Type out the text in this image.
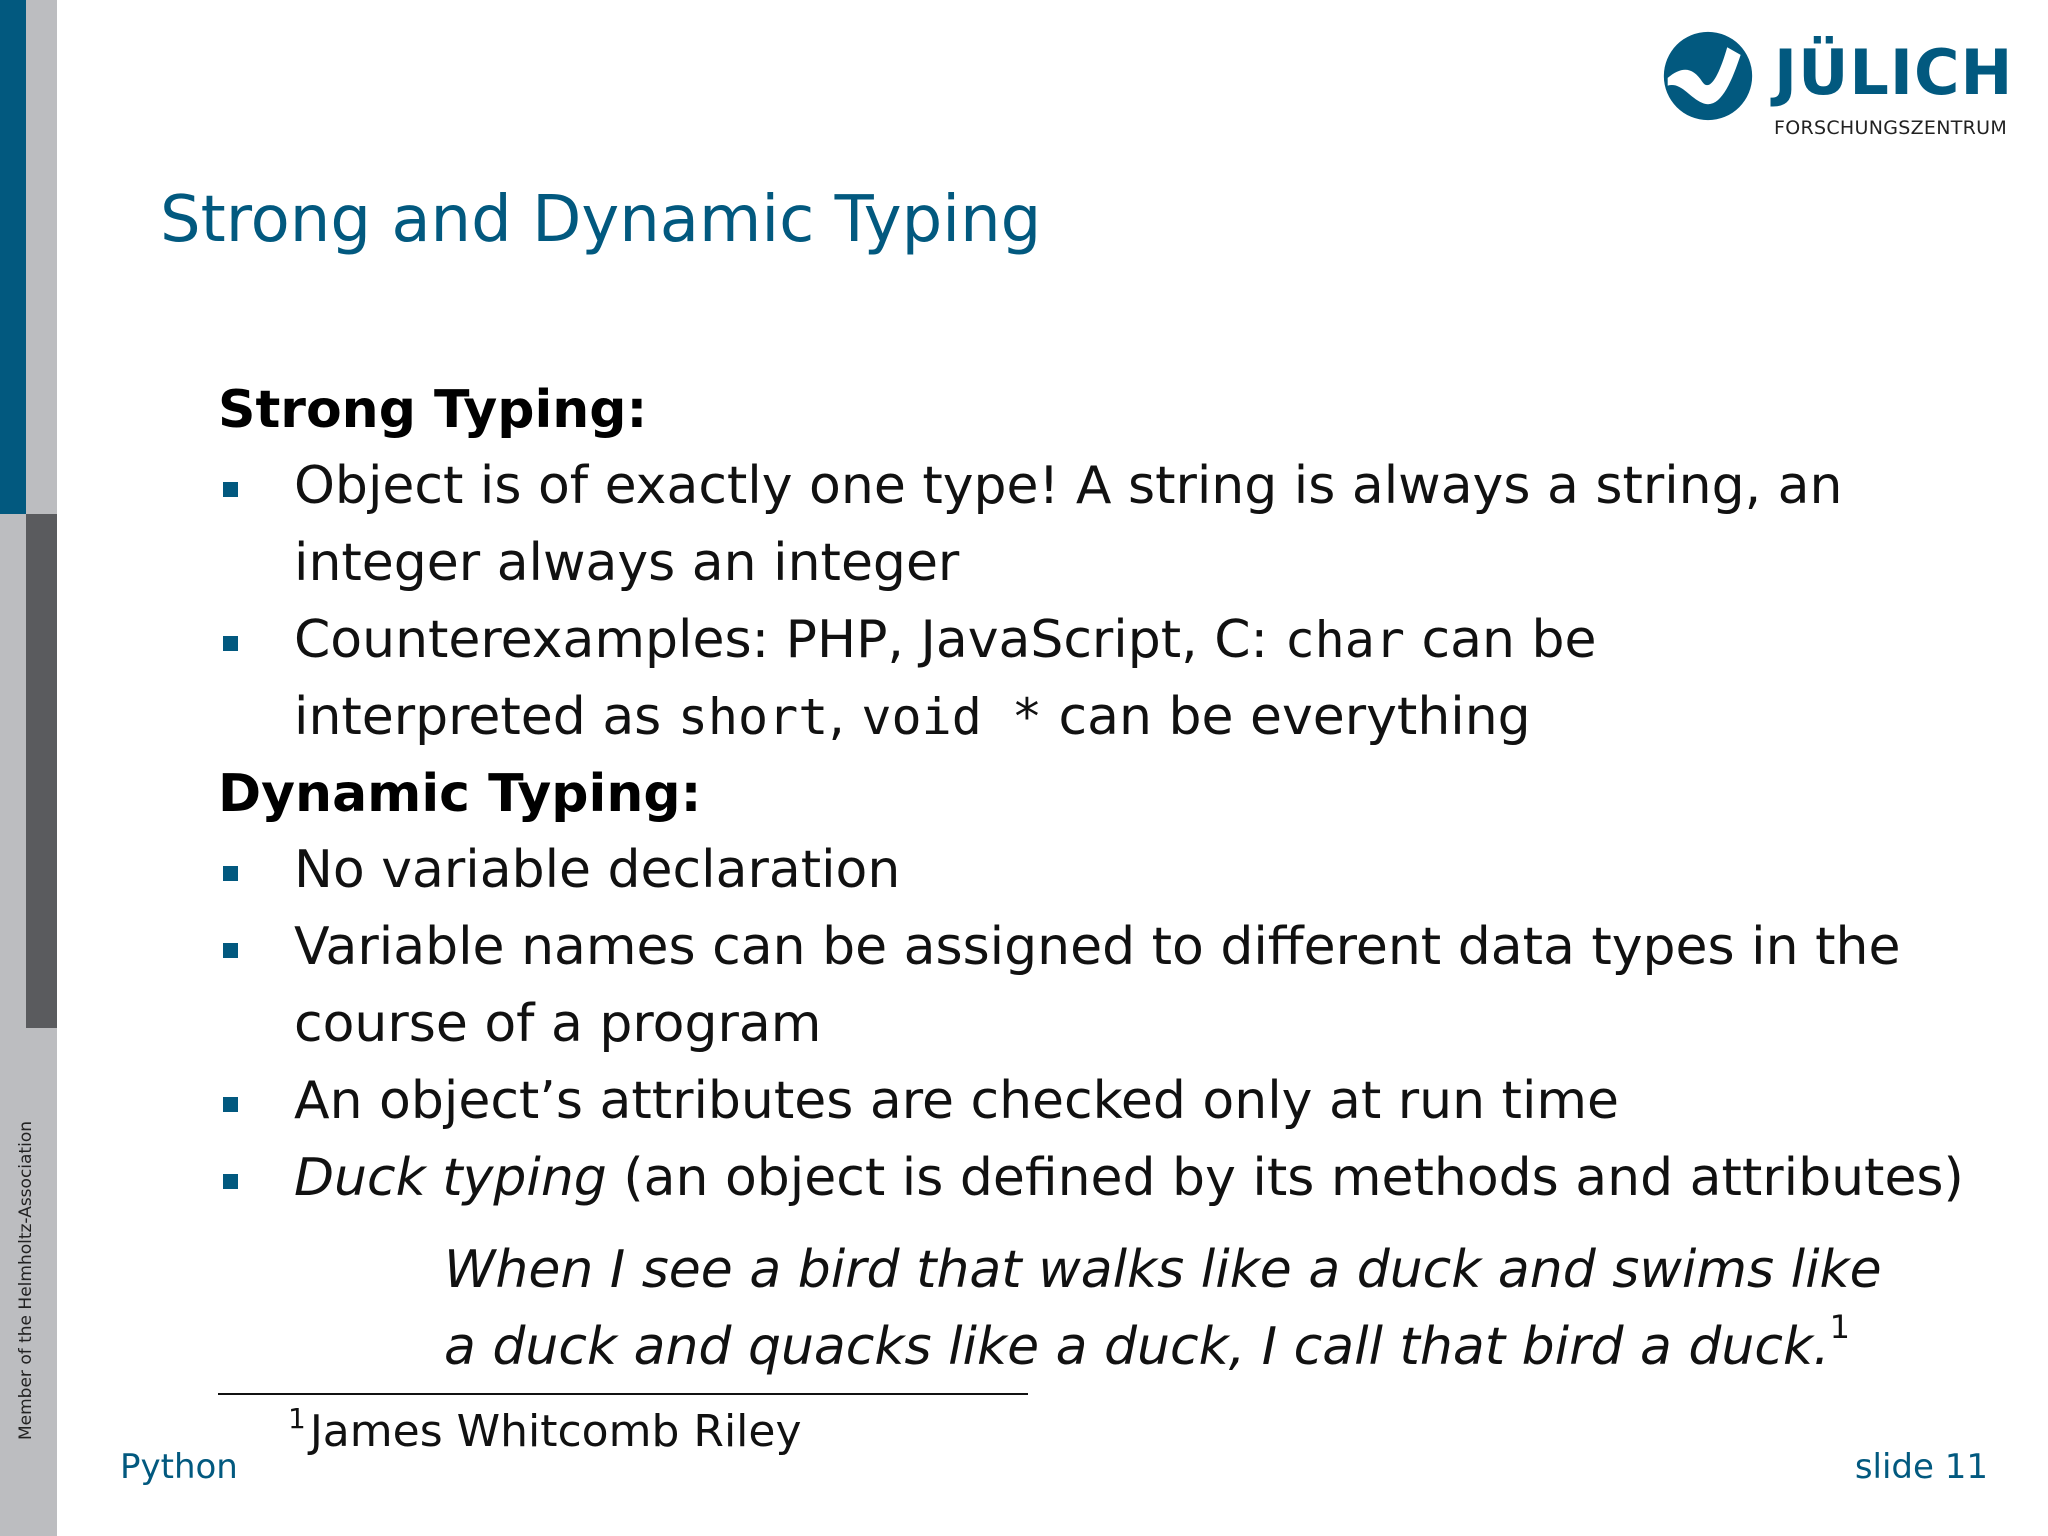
Member of the Helmholtz-Association
JÜLICH
FORSCHUNGSZENTRUM
Strong and Dynamic Typing
Strong Typing:
Object is of exactly one type! A string is always a string, an
integer always an integer
Counterexamples: PHP, JavaScript, C: char can be
interpreted as short, void * can be everything
Dynamic Typing:
No variable declaration
Variable names can be assigned to different data types in the
course of a program
An object’s attributes are checked only at run time
Duck typing (an object is defined by its methods and attributes)
When I see a bird that walks like a duck and swims like
a duck and quacks like a duck, I call that bird a duck.$^1$
$^1$James Whitcomb Riley
Python	slide 11
